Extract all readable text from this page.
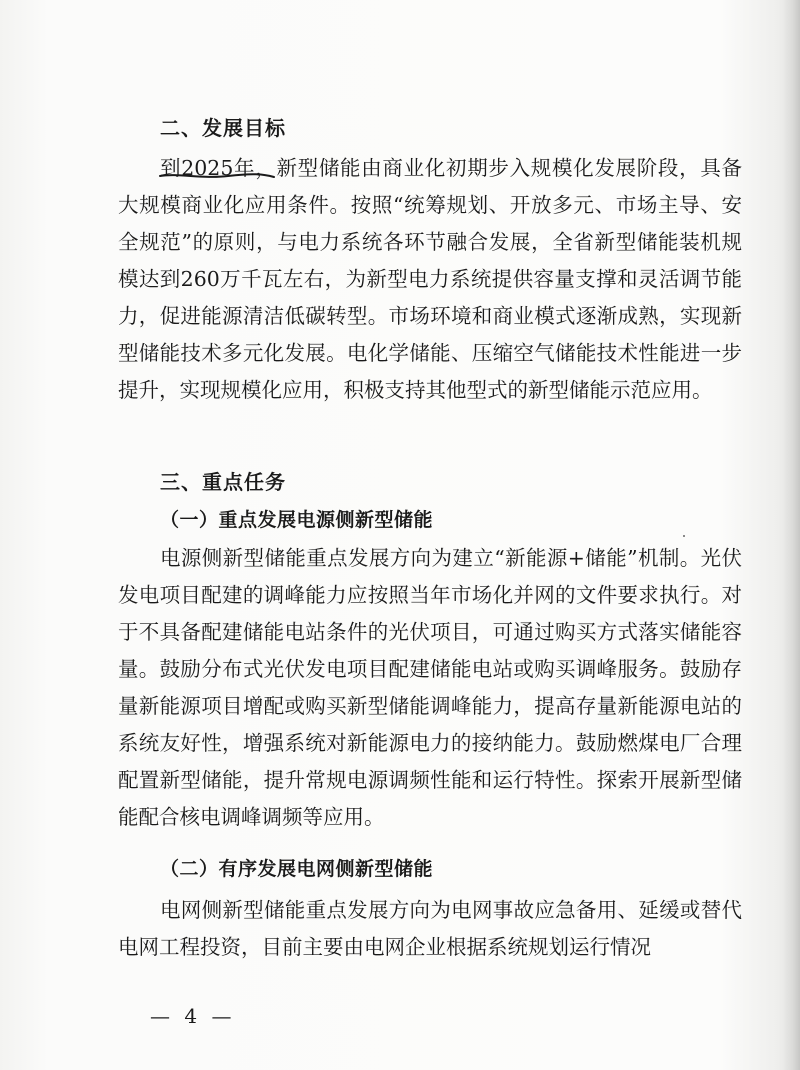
二、发展目标

到2025年，新型储能由商业化初期步入规模化发展阶段，具备大规模商业化应用条件。按照“统筹规划、开放多元、市场主导、安全规范”的原则，与电力系统各环节融合发展，全省新型储能装机规模达到260万千瓦左右，为新型电力系统提供容量支撑和灵活调节能力，促进能源清洁低碳转型。市场环境和商业模式逐渐成熟，实现新型储能技术多元化发展。电化学储能、压缩空气储能技术性能进一步提升，实现规模化应用，积极支持其他型式的新型储能示范应用。

三、重点任务
（一）重点发展电源侧新型储能

电源侧新型储能重点发展方向为建立“新能源+储能”机制。光伏发电项目配建的调峰能力应按照当年市场化并网的文件要求执行。对于不具备配建储能电站条件的光伏项目，可通过购买方式落实储能容量。鼓励分布式光伏发电项目配建储能电站或购买调峰服务。鼓励存量新能源项目增配或购买新型储能调峰能力，提高存量新能源电站的系统友好性，增强系统对新能源电力的接纳能力。鼓励燃煤电厂合理配置新型储能，提升常规电源调频性能和运行特性。探索开展新型储能配合核电调峰调频等应用。

（二）有序发展电网侧新型储能

电网侧新型储能重点发展方向为电网事故应急备用、延缓或替代电网工程投资，目前主要由电网企业根据系统规划运行情况

— 4 —
